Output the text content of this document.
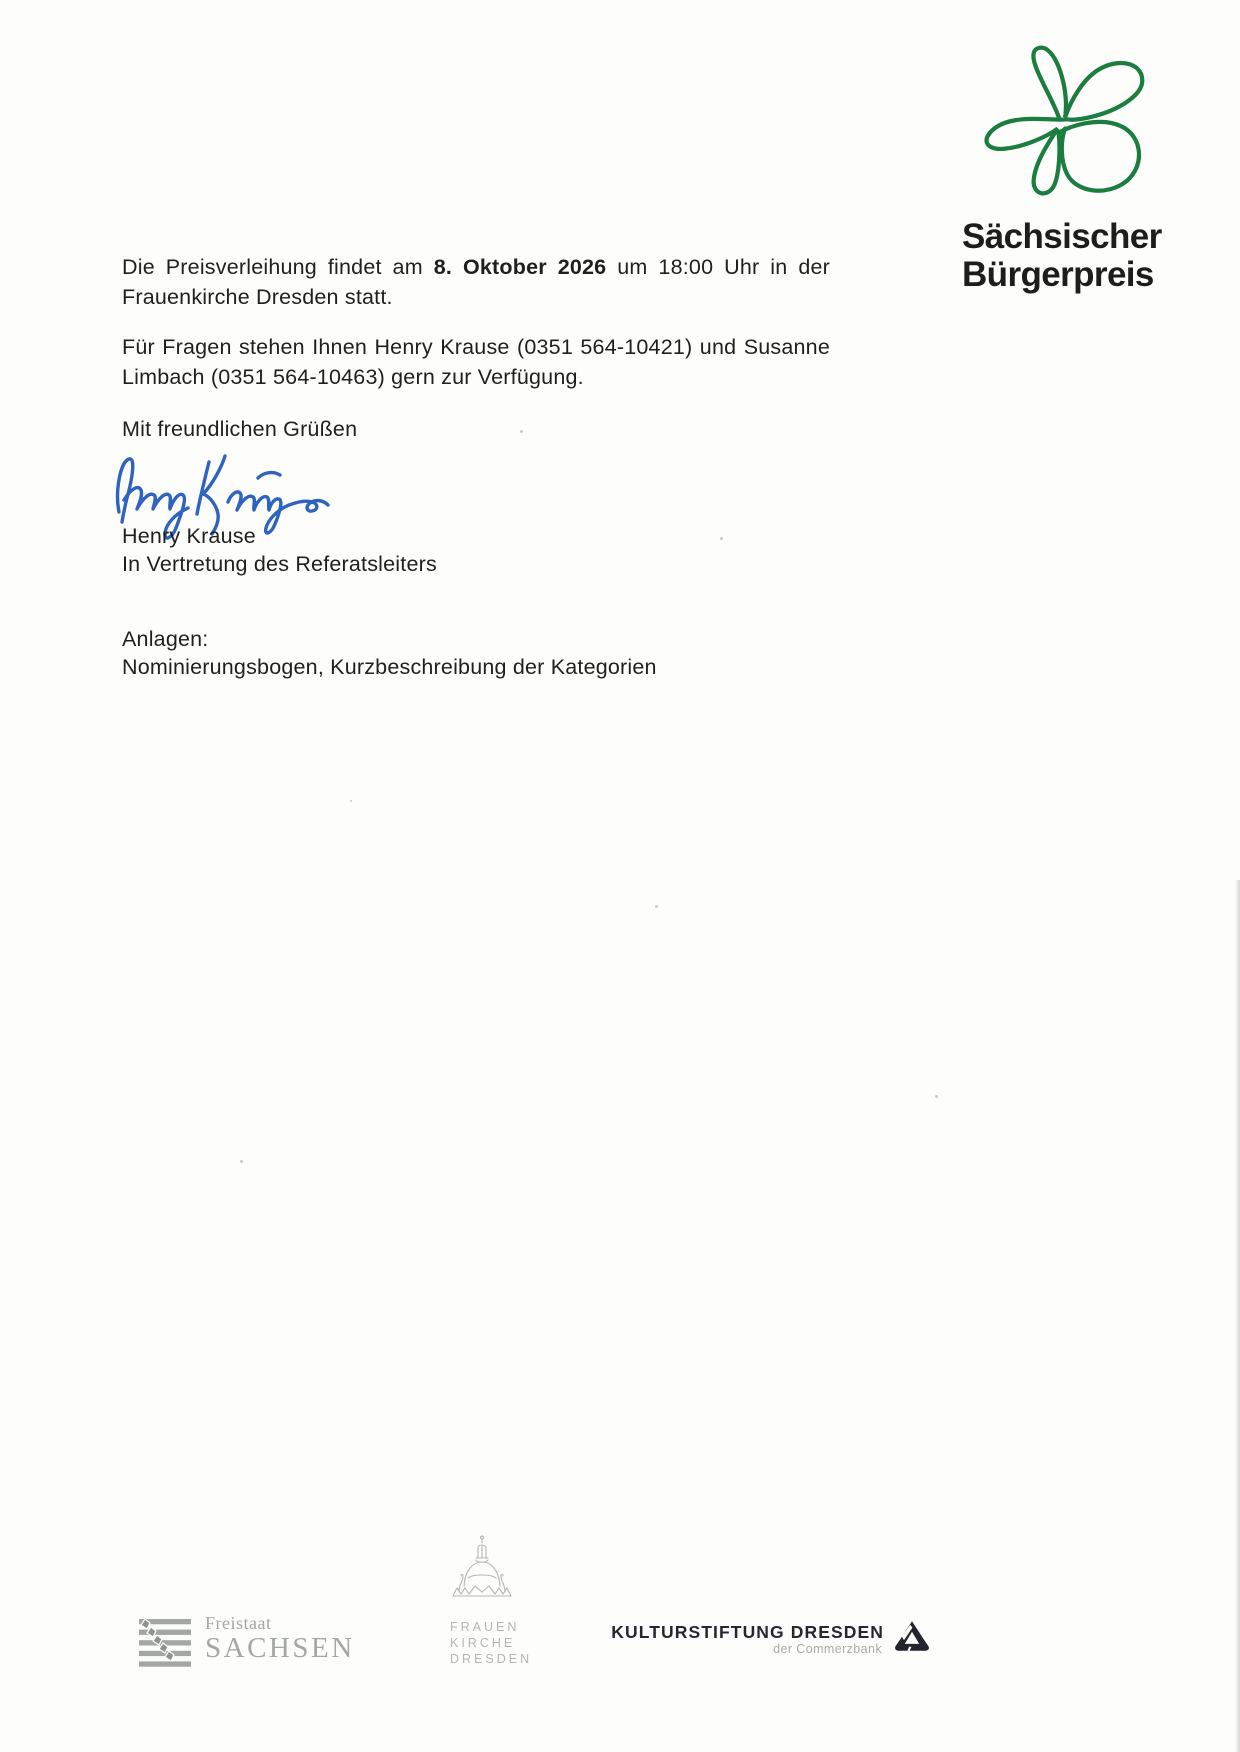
Sächsischer
Bürgerpreis

Die Preisverleihung findet am 8. Oktober 2026 um 18:00 Uhr in der Frauenkirche Dresden statt.

Für Fragen stehen Ihnen Henry Krause (0351 564-10421) und Susanne Limbach (0351 564-10463) gern zur Verfügung.

Mit freundlichen Grüßen

Henry Krause

In Vertretung des Referatsleiters

Anlagen:

Nominierungsbogen, Kurzbeschreibung der Kategorien

Freistaat
SACHSEN
FRAUEN
KIRCHE
DRESDEN
KULTURSTIFTUNG DRESDEN
der Commerzbank
